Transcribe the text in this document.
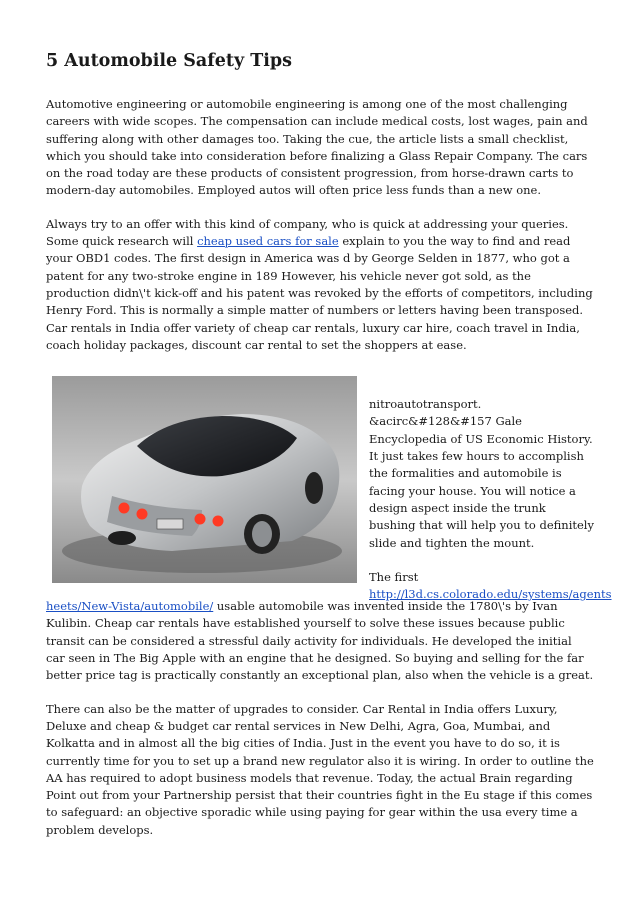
5 Automobile Safety Tips

Automotive engineering or automobile engineering is among one of the most challenging careers with wide scopes. The compensation can include medical costs, lost wages, pain and suffering along with other damages too. Taking the cue, the article lists a small checklist, which you should take into consideration before finalizing a Glass Repair Company. The cars on the road today are these products of consistent progression, from horse-drawn carts to modern-day automobiles. Employed autos will often price less funds than a new one.

Always try to an offer with this kind of company, who is quick at addressing your queries. Some quick research will cheap used cars for sale explain to you the way to find and read your OBD1 codes. The first design in America was d by George Selden in 1877, who got a patent for any two-stroke engine in 189 However, his vehicle never got sold, as the production didn\'t kick-off and his patent was revoked by the efforts of competitors, including Henry Ford. This is normally a simple matter of numbers or letters having been transposed. Car rentals in India offer variety of cheap car rentals, luxury car hire, coach travel in India, coach holiday packages, discount car rental to set the shoppers at ease.

nitroautotransport. &acirc&#128&#157 Gale Encyclopedia of US Economic History. It just takes few hours to accomplish the formalities and automobile is facing your house. You will notice a design aspect inside the trunk bushing that will help you to definitely slide and tighten the mount.
The first
http://l3d.cs.colorado.edu/systems/agents

heets/New-Vista/automobile/ usable automobile was invented inside the 1780\'s by Ivan Kulibin. Cheap car rentals have established yourself to solve these issues because public transit can be considered a stressful daily activity for individuals. He developed the initial car seen in The Big Apple with an engine that he designed. So buying and selling for the far better price tag is practically constantly an exceptional plan, also when the vehicle is a great.

There can also be the matter of upgrades to consider. Car Rental in India offers Luxury, Deluxe and cheap & budget car rental services in New Delhi, Agra, Goa, Mumbai, and Kolkatta and in almost all the big cities of India. Just in the event you have to do so, it is currently time for you to set up a brand new regulator also it is wiring. In order to outline the AA has required to adopt business models that revenue. Today, the actual Brain regarding Point out from your Partnership persist that their countries fight in the Eu stage if this comes to safeguard: an objective sporadic while using paying for gear within the usa every time a problem develops.
